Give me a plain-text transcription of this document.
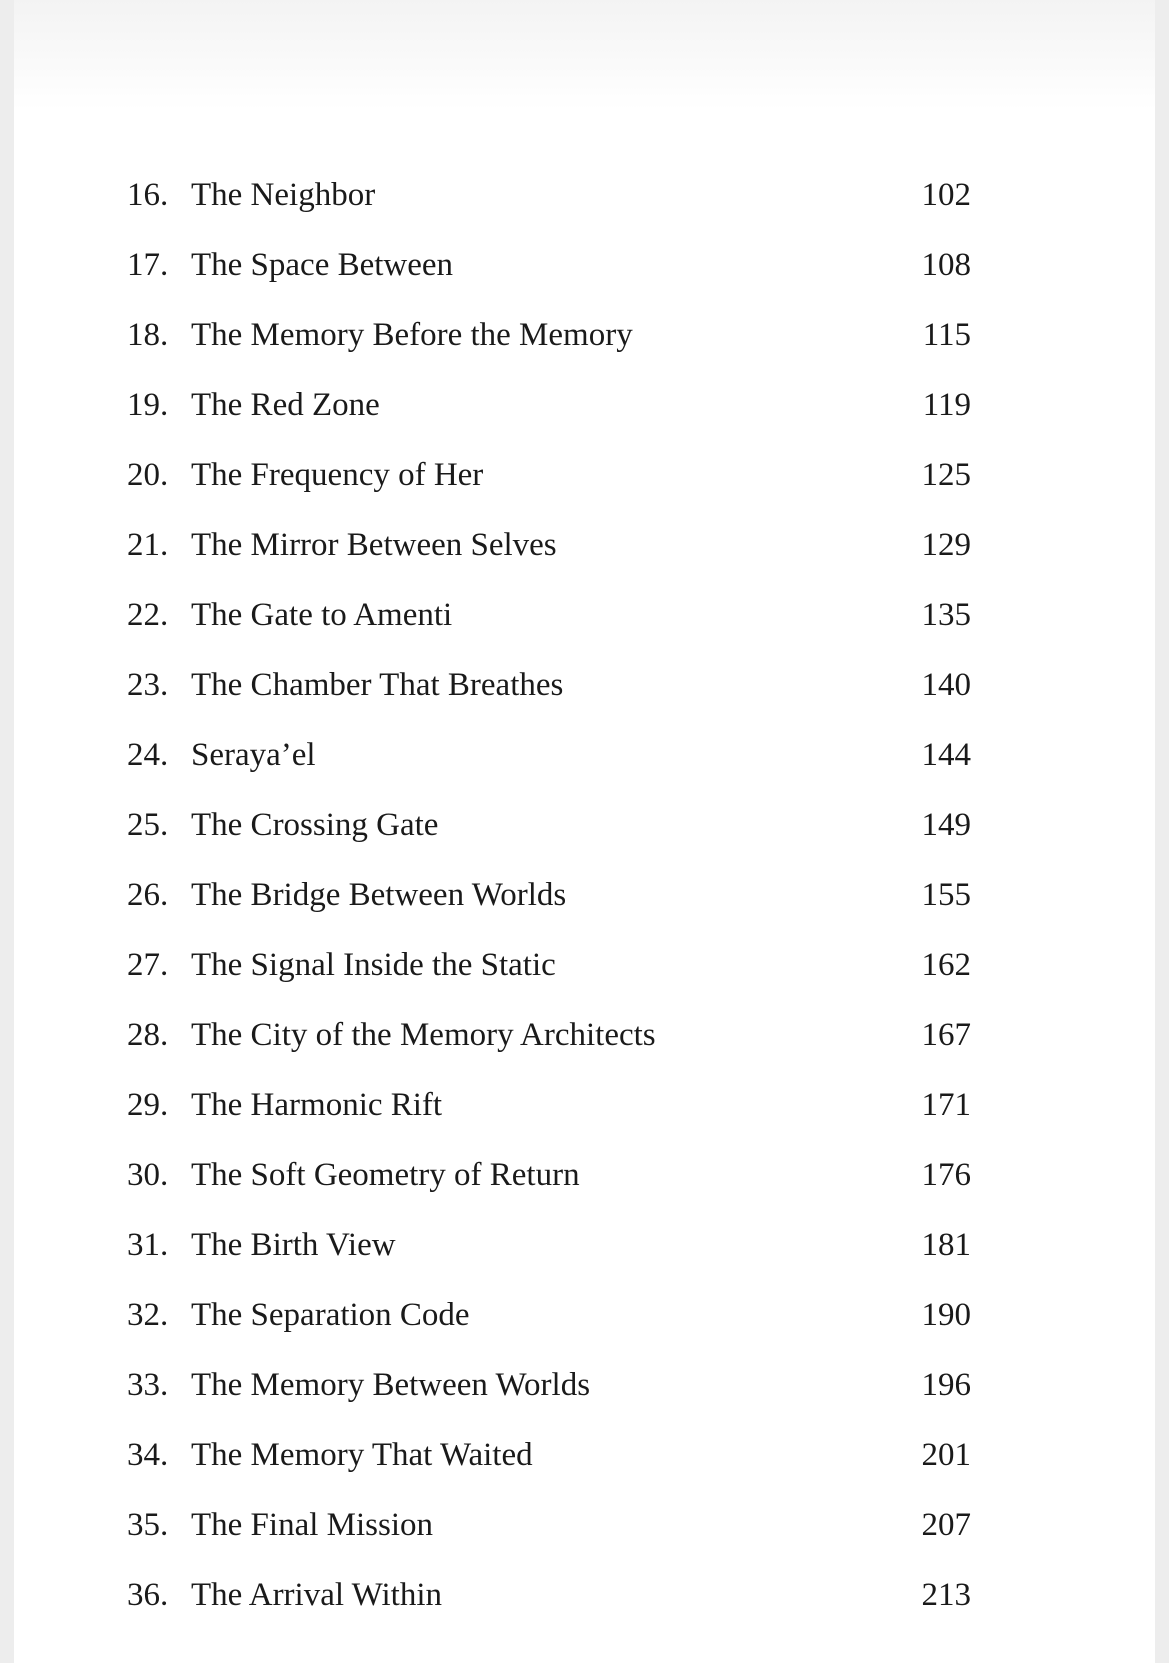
16. The Neighbor	102
17. The Space Between	108
18. The Memory Before the Memory	115
19. The Red Zone	119
20. The Frequency of Her	125
21. The Mirror Between Selves	129
22. The Gate to Amenti	135
23. The Chamber That Breathes	140
24. Seraya’el	144
25. The Crossing Gate	149
26. The Bridge Between Worlds	155
27. The Signal Inside the Static	162
28. The City of the Memory Architects	167
29. The Harmonic Rift	171
30. The Soft Geometry of Return	176
31. The Birth View	181
32. The Separation Code	190
33. The Memory Between Worlds	196
34. The Memory That Waited	201
35. The Final Mission	207
36. The Arrival Within	213
